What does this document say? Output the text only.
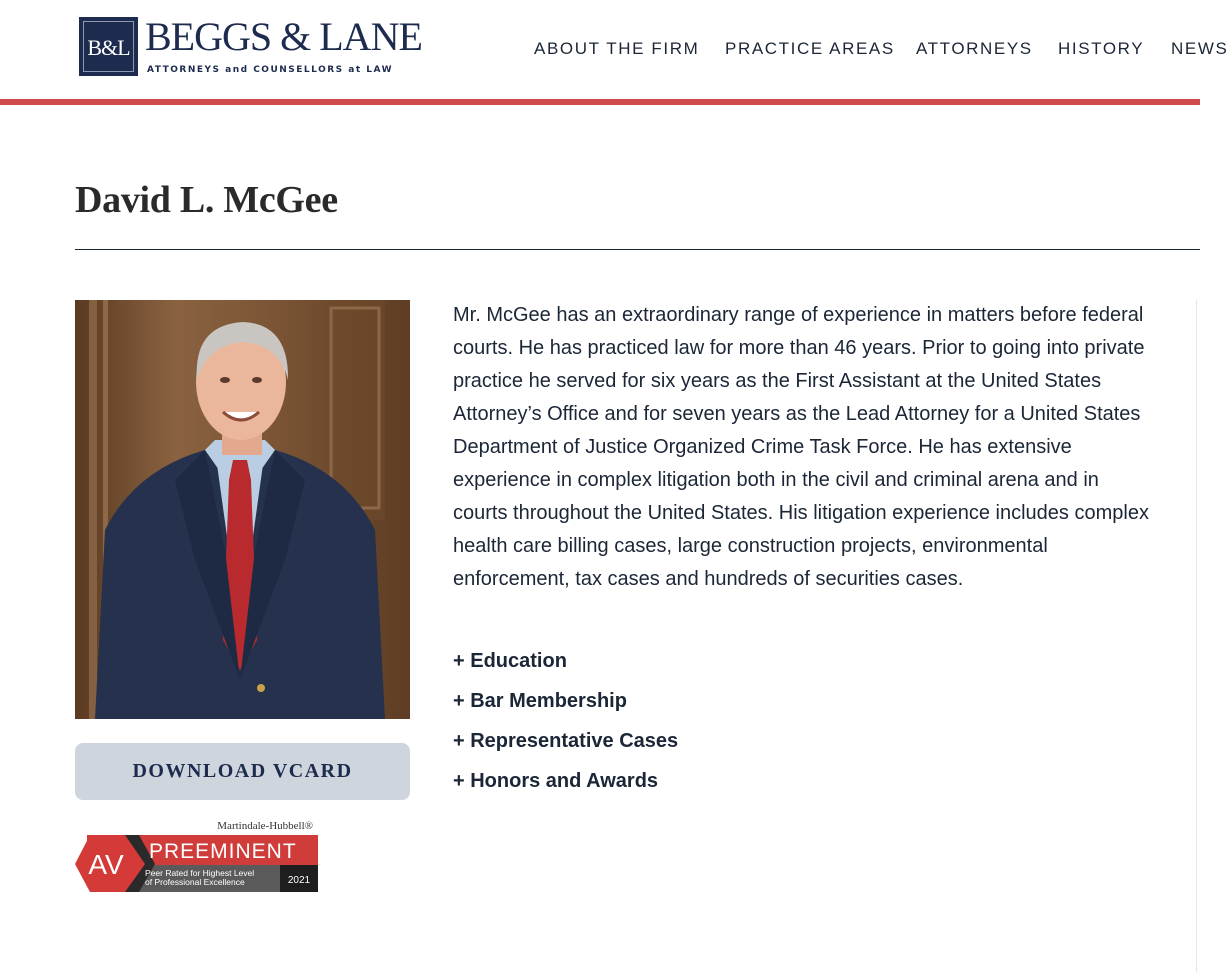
B&L BEGGS & LANE
ATTORNEYS and COUNSELLORS at LAW
ABOUT THE FIRM PRACTICE AREAS ATTORNEYS HISTORY NEWS
David L. McGee
DOWNLOAD VCARD
Martindale-Hubbell®
AV PREEMINENT
Peer Rated for Highest Level
of Professional Excellence	2021

Mr. McGee has an extraordinary range of experience in matters before federal courts. He has practiced law for more than 46 years. Prior to going into private practice he served for six years as the First Assistant at the United States Attorney’s Office and for seven years as the Lead Attorney for a United States Department of Justice Organized Crime Task Force. He has extensive experience in complex litigation both in the civil and criminal arena and in courts throughout the United States. His litigation experience includes complex health care billing cases, large construction projects, environmental enforcement, tax cases and hundreds of securities cases.

+ Education
+ Bar Membership
+ Representative Cases
+ Honors and Awards
